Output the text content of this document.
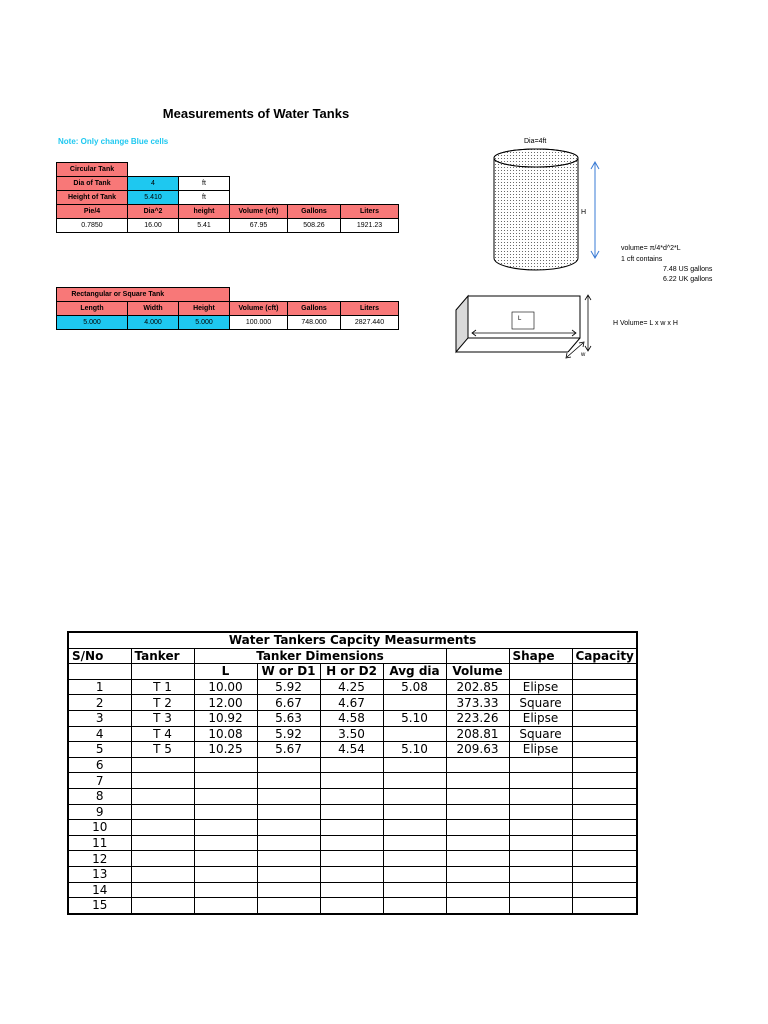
Measurements of Water Tanks
Note: Only change Blue cells
Circular Tank					
Dia of Tank	4	ft			
Height of Tank	5.410	ft			
Pie/4	Dia^2	height	Volume (cft)	Gallons	Liters
0.7850	16.00	5.41	67.95	508.26	1921.23
Rectangular or Square Tank					
Length	Width	Height	Volume (cft)	Gallons	Liters
5.000	4.000	5.000	100.000	748.000	2827.440
Dia=4ft
H
volume= π/4*d^2*L
1 cft contains
7.48 US gallons
6.22 UK gallons
L
w
H Volume= L x w x H
Water Tankers Capcity Measurments								
S/No	Tanker	Tanker Dimensions					Shape	Capacity
		L	W or D1	H or D2	Avg dia	Volume		
1	T 1	10.00	5.92	4.25	5.08	202.85	Elipse	
2	T 2	12.00	6.67	4.67		373.33	Square	
3	T 3	10.92	5.63	4.58	5.10	223.26	Elipse	
4	T 4	10.08	5.92	3.50		208.81	Square	
5	T 5	10.25	5.67	4.54	5.10	209.63	Elipse	
6								
7								
8								
9								
10								
11								
12								
13								
14								
15								
